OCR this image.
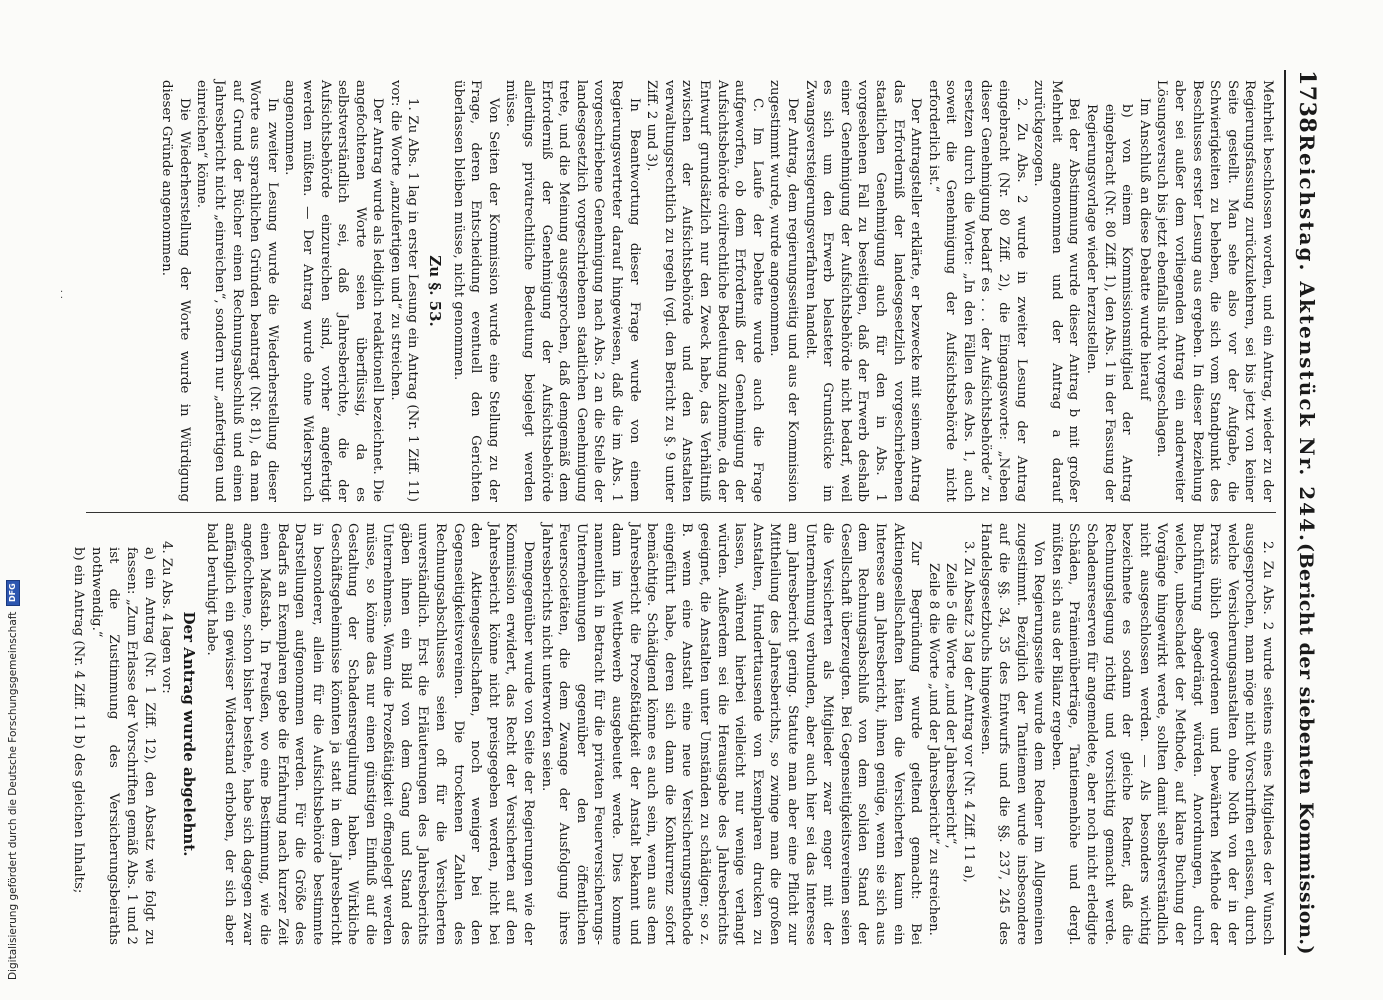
1738
Reichstag. Aktenstück Nr. 244.
(Bericht der siebenten Kommission.)

Mehrheit beschlossen worden, und ein Antrag, wieder zu der Regierungsfassung zurückzukehren, sei bis jetzt von keiner Seite gestellt. Man sehe also vor der Aufgabe, die Schwierigkeiten zu beheben, die sich vom Standpunkt des Beschlusses erster Lesung aus ergeben. In dieser Beziehung aber sei außer dem vorliegenden Antrag ein anderweiter Lösungsversuch bis jetzt ebenfalls nicht vorgeschlagen.

Im Anschluß an diese Debatte wurde hierauf

b) von einem Kommissionsmitglied der Antrag eingebracht (Nr. 80 Ziff. 1), den Abs. 1 in der Fassung der Regierungsvorlage wieder herzustellen.

Bei der Abstimmung wurde dieser Antrag b mit großer Mehrheit angenommen und der Antrag a darauf zurückgezogen.

2. Zu Abs. 2 wurde in zweiter Lesung der Antrag eingebracht (Nr. 80 Ziff. 2), die Eingangsworte: „Neben dieser Genehmigung bedarf es . . . der Aufsichtsbehörde“ zu ersetzen durch die Worte: „In den Fällen des Abs. 1, auch soweit die Genehmigung der Aufsichtsbehörde nicht erforderlich ist.“

Der Antragsteller erklärte, er bezwecke mit seinem Antrag das Erforderniß der landesgesetzlich vorgeschriebenen staatlichen Genehmigung auch für den in Abs. 1 vorgesehenen Fall zu beseitigen, daß der Erwerb deshalb einer Genehmigung der Aufsichtsbehörde nicht bedarf, weil es sich um den Erwerb belasteter Grundstücke im Zwangsversteigerungsverfahren handelt.

Der Antrag, dem regierungsseitig und aus der Kommission zugestimmt wurde, wurde angenommen.

C. Im Laufe der Debatte wurde auch die Frage aufgeworfen, ob dem Erforderniß der Genehmigung der Aufsichtsbehörde civilrechtliche Bedeutung zukomme, da der Entwurf grundsätzlich nur den Zweck habe, das Verhältniß zwischen der Aufsichtsbehörde und den Anstalten verwaltungsrechtlich zu regeln (vgl. den Bericht zu §. 9 unter Ziff. 2 und 3).

In Beantwortung dieser Frage wurde von einem Regierungsvertreter darauf hingewiesen, daß die im Abs. 1 vorgeschriebene Genehmigung nach Abs. 2 an die Stelle der landesgesetzlich vorgeschriebenen staatlichen Genehmigung trete, und die Meinung ausgesprochen, daß demgemäß dem Erforderniß der Genehmigung der Aufsichtsbehörde allerdings privatrechtliche Bedeutung beigelegt werden müsse.

Von Seiten der Kommission wurde eine Stellung zu der Frage, deren Entscheidung eventuell den Gerichten überlassen bleiben müsse, nicht genommen.

Zu §. 53.

1. Zu Abs. 1 lag in erster Lesung ein Antrag (Nr. 1 Ziff. 11) vor: die Worte „anzufertigen und“ zu streichen.

Der Antrag wurde als lediglich redaktionell bezeichnet. Die angefochtenen Worte seien überflüssig, da es selbstverständlich sei, daß Jahresberichte, die der Aufsichtsbehörde einzureichen sind, vorher angefertigt werden müßten. — Der Antrag wurde ohne Widerspruch angenommen.

In zweiter Lesung wurde die Wiederherstellung dieser Worte aus sprachlichen Gründen beantragt (Nr. 81), da man auf Grund der Bücher einen Rechnungsabschluß und einen Jahresbericht nicht „einreichen“, sondern nur „anfertigen und einreichen“ könne.

Die Wiederherstellung der Worte wurde in Würdigung dieser Gründe angenommen.

2. Zu Abs. 2 wurde seitens eines Mitgliedes der Wunsch ausgesprochen, man möge nicht Vorschriften erlassen, durch welche Versicherungsanstalten ohne Noth von der in der Praxis üblich gewordenen und bewährten Methode der Buchführung abgedrängt würden. Anordnungen, durch welche, unbeschadet der Methode, auf klare Buchung der Vorgänge hingewirkt werde, sollten damit selbstverständlich nicht ausgeschlossen werden. — Als besonders wichtig bezeichnete es sodann der gleiche Redner, daß die Rechnungslegung richtig und vorsichtig gemacht werde. Schadensreserven für angemeldete, aber noch nicht erledigte Schäden, Prämienüberträge, Tantiemenhöhe und dergl. müßten sich aus der Bilanz ergeben.

Von Regierungsseite wurde dem Redner im Allgemeinen zugestimmt. Bezüglich der Tantiemen wurde insbesondere auf die §§. 34, 35 des Entwurfs und die §§. 237, 245 des Handelsgesetzbuchs hingewiesen.

3. Zu Absatz 3 lag der Antrag vor (Nr. 4 Ziff. 11 a),

Zeile 5 die Worte „und der Jahresbericht“,

Zeile 8 die Worte „und der Jahresbericht“ zu streichen.

Zur Begründung wurde geltend gemacht: Bei Aktiengesellschaften hätten die Versicherten kaum ein Interesse am Jahresbericht, ihnen genüge, wenn sie sich aus dem Rechnungsabschluß von dem soliden Stand der Gesellschaft überzeugten. Bei Gegenseitigkeitsvereinen seien die Versicherten als Mitglieder zwar enger mit der Unternehmung verbunden, aber auch hier sei das Interesse am Jahresbericht gering. Statute man aber eine Pflicht zur Mittheilung des Jahresberichts, so zwinge man die großen Anstalten, Hunderttausende von Exemplaren drucken zu lassen, während hierbei vielleicht nur wenige verlangt würden. Außerdem sei die Herausgabe des Jahresberichts geeignet, die Anstalten unter Umständen zu schädigen; so z. B. wenn eine Anstalt eine neue Versicherungsmethode eingeführt habe, deren sich dann die Konkurrenz sofort bemächtige. Schädigend könne es auch sein, wenn aus dem Jahresbericht die Prozeßtätigkeit der Anstalt bekannt und dann im Wettbewerb ausgebeutet werde. Dies komme namentlich in Betracht für die privaten Feuerversicherungs-Unternehmungen gegenüber den öffentlichen Feuersocietäten, die dem Zwange der Ausfolgung ihres Jahresberichts nicht unterworfen seien.

Demgegenüber wurde von Seite der Regierungen wie der Kommission erwidert, das Recht der Versicherten auf den Jahresbericht könne nicht preisgegeben werden, nicht bei den Aktiengesellschaften, noch weniger bei den Gegenseitigkeitsvereinen. Die trockenen Zahlen des Rechnungsabschlusses seien oft für die Versicherten unverständlich. Erst die Erläuterungen des Jahresberichts gäben ihnen ein Bild von dem Gang und Stand des Unternehmens. Wenn die Prozeßtätigkeit offengelegt werden müsse, so könne das nur einen günstigen Einfluß auf die Gestaltung der Schadensregulirung haben. Wirkliche Geschäftsgeheimnisse könnten ja statt in dem Jahresbericht in besonderer, allein für die Aufsichtsbehörde bestimmte Darstellungen aufgenommen werden. Für die Größe des Bedarfs an Exemplaren gebe die Erfahrung nach kurzer Zeit einen Maßstab. In Preußen, wo eine Bestimmung, wie die angefochtene, schon bisher bestehe, habe sich dagegen zwar anfänglich ein gewisser Widerstand erhoben, der sich aber bald beruhigt habe.

Der Antrag wurde abgelehnt.

4. Zu Abs. 4 lagen vor:

a) ein Antrag (Nr. 1 Ziff. 12), den Absatz wie folgt zu fassen: „Zum Erlasse der Vorschriften gemäß Abs. 1 und 2 ist die Zustimmung des Versicherungsbeiraths nothwendig.“

b) ein Antrag (Nr. 4 Ziff. 11 b) des gleichen Inhalts;

⁚
Digitalisierung gefördert durch die Deutsche Forschungsgemeinschaft
DFG
